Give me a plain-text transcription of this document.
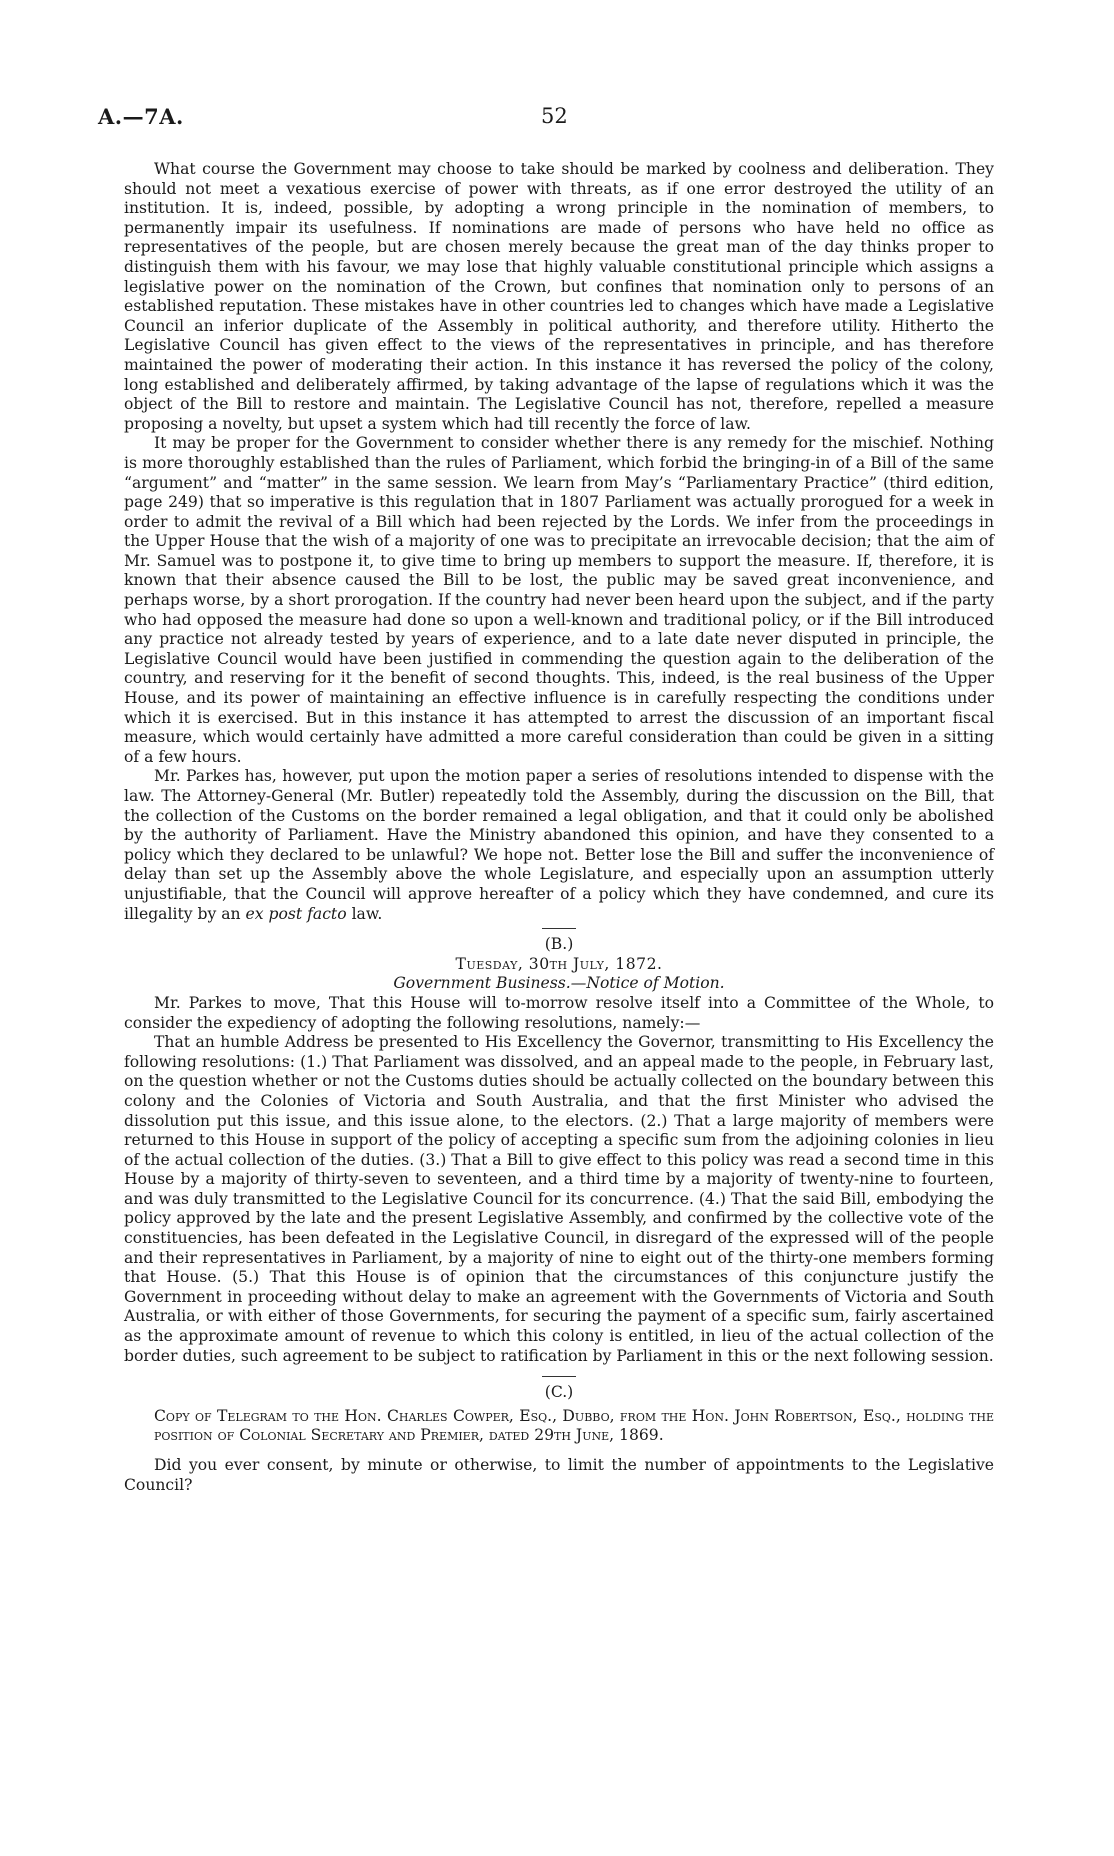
A.—7A.	52

What course the Government may choose to take should be marked by coolness and deliberation. They should not meet a vexatious exercise of power with threats, as if one error destroyed the utility of an institution. It is, indeed, possible, by adopting a wrong principle in the nomination of members, to permanently impair its usefulness. If nominations are made of persons who have held no office as representatives of the people, but are chosen merely because the great man of the day thinks proper to distinguish them with his favour, we may lose that highly valuable constitutional principle which assigns a legislative power on the nomination of the Crown, but confines that nomination only to persons of an established reputation. These mistakes have in other countries led to changes which have made a Legislative Council an inferior duplicate of the Assembly in political authority, and therefore utility. Hitherto the Legislative Council has given effect to the views of the representatives in principle, and has therefore maintained the power of moderating their action. In this instance it has reversed the policy of the colony, long established and deliberately affirmed, by taking advantage of the lapse of regulations which it was the object of the Bill to restore and maintain. The Legislative Council has not, therefore, repelled a measure proposing a novelty, but upset a system which had till recently the force of law.

It may be proper for the Government to consider whether there is any remedy for the mischief. Nothing is more thoroughly established than the rules of Parliament, which forbid the bringing-in of a Bill of the same “argument” and “matter” in the same session. We learn from May’s “Parliamentary Practice” (third edition, page 249) that so imperative is this regulation that in 1807 Parliament was actually prorogued for a week in order to admit the revival of a Bill which had been rejected by the Lords. We infer from the proceedings in the Upper House that the wish of a majority of one was to precipitate an irrevocable decision; that the aim of Mr. Samuel was to postpone it, to give time to bring up members to support the measure. If, therefore, it is known that their absence caused the Bill to be lost, the public may be saved great inconvenience, and perhaps worse, by a short prorogation. If the country had never been heard upon the subject, and if the party who had opposed the measure had done so upon a well-known and traditional policy, or if the Bill introduced any practice not already tested by years of experience, and to a late date never disputed in principle, the Legislative Council would have been justified in commending the question again to the deliberation of the country, and reserving for it the benefit of second thoughts. This, indeed, is the real business of the Upper House, and its power of maintaining an effective influence is in carefully respecting the conditions under which it is exercised. But in this instance it has attempted to arrest the discussion of an important fiscal measure, which would certainly have admitted a more careful consideration than could be given in a sitting of a few hours.

Mr. Parkes has, however, put upon the motion paper a series of resolutions intended to dispense with the law. The Attorney-General (Mr. Butler) repeatedly told the Assembly, during the discussion on the Bill, that the collection of the Customs on the border remained a legal obligation, and that it could only be abolished by the authority of Parliament. Have the Ministry abandoned this opinion, and have they consented to a policy which they declared to be unlawful? We hope not. Better lose the Bill and suffer the inconvenience of delay than set up the Assembly above the whole Legislature, and especially upon an assumption utterly unjustifiable, that the Council will approve hereafter of a policy which they have condemned, and cure its illegality by an ex post facto law.

(B.)

Tuesday, 30th July, 1872.

Government Business.—Notice of Motion.

Mr. Parkes to move, That this House will to-morrow resolve itself into a Committee of the Whole, to consider the expediency of adopting the following resolutions, namely:—

That an humble Address be presented to His Excellency the Governor, transmitting to His Excellency the following resolutions: (1.) That Parliament was dissolved, and an appeal made to the people, in February last, on the question whether or not the Customs duties should be actually collected on the boundary between this colony and the Colonies of Victoria and South Australia, and that the first Minister who advised the dissolution put this issue, and this issue alone, to the electors. (2.) That a large majority of members were returned to this House in support of the policy of accepting a specific sum from the adjoining colonies in lieu of the actual collection of the duties. (3.) That a Bill to give effect to this policy was read a second time in this House by a majority of thirty-seven to seventeen, and a third time by a majority of twenty-nine to fourteen, and was duly transmitted to the Legislative Council for its concurrence. (4.) That the said Bill, embodying the policy approved by the late and the present Legislative Assembly, and confirmed by the collective vote of the constituencies, has been defeated in the Legislative Council, in disregard of the expressed will of the people and their representatives in Parliament, by a majority of nine to eight out of the thirty-one members forming that House. (5.) That this House is of opinion that the circumstances of this conjuncture justify the Government in proceeding without delay to make an agreement with the Governments of Victoria and South Australia, or with either of those Governments, for securing the payment of a specific sum, fairly ascertained as the approximate amount of revenue to which this colony is entitled, in lieu of the actual collection of the border duties, such agreement to be subject to ratification by Parliament in this or the next following session.

(C.)

Copy of Telegram to the Hon. Charles Cowper, Esq., Dubbo, from the Hon. John Robertson, Esq., holding the position of Colonial Secretary and Premier, dated 29th June, 1869.

Did you ever consent, by minute or otherwise, to limit the number of appointments to the Legislative Council?
